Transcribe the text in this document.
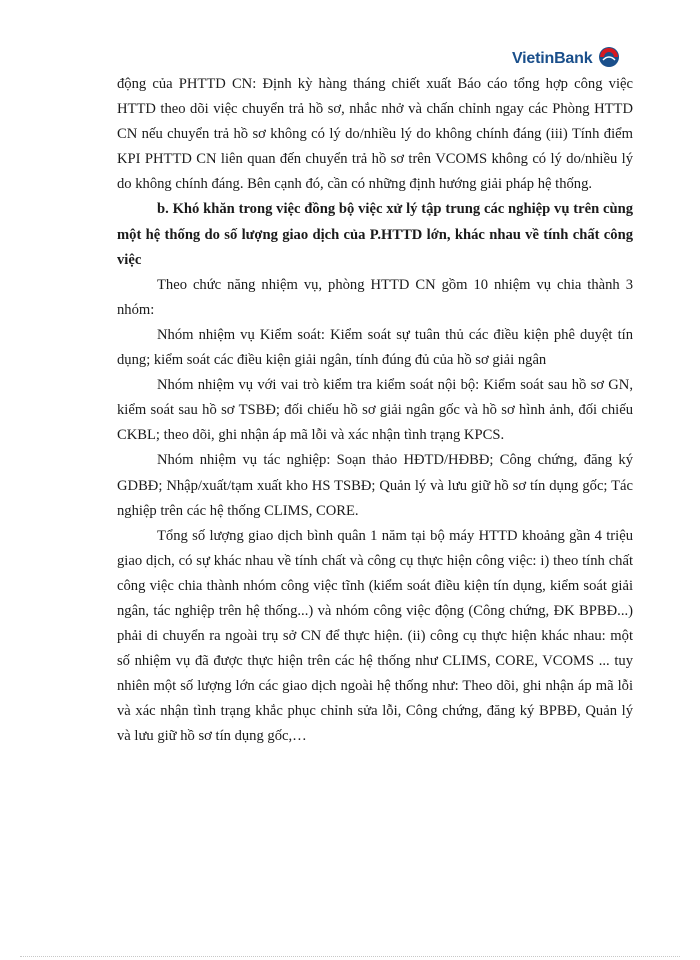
VietinBank

động của PHTTD CN: Định kỳ hàng tháng chiết xuất Báo cáo tổng hợp công việc HTTD theo dõi việc chuyển trả hồ sơ, nhắc nhở và chấn chỉnh ngay các Phòng HTTD CN nếu chuyển trả hồ sơ không có lý do/nhiều lý do không chính đáng (iii) Tính điểm KPI PHTTD CN liên quan đến chuyển trả hồ sơ trên VCOMS không có lý do/nhiều lý do không chính đáng. Bên cạnh đó, cần có những định hướng giải pháp hệ thống.

b. Khó khăn trong việc đồng bộ việc xử lý tập trung các nghiệp vụ trên cùng một hệ thống do số lượng giao dịch của P.HTTD lớn, khác nhau về tính chất công việc

Theo chức năng nhiệm vụ, phòng HTTD CN gồm 10 nhiệm vụ chia thành 3 nhóm:

Nhóm nhiệm vụ Kiểm soát: Kiểm soát sự tuân thủ các điều kiện phê duyệt tín dụng; kiểm soát các điều kiện giải ngân, tính đúng đủ của hồ sơ giải ngân

Nhóm nhiệm vụ với vai trò kiểm tra kiểm soát nội bộ: Kiểm soát sau hồ sơ GN, kiểm soát sau hồ sơ TSBĐ; đối chiếu hồ sơ giải ngân gốc và hồ sơ hình ảnh, đối chiếu CKBL; theo dõi, ghi nhận áp mã lỗi và xác nhận tình trạng KPCS.

Nhóm nhiệm vụ tác nghiệp: Soạn thảo HĐTD/HĐBĐ; Công chứng, đăng ký GDBĐ; Nhập/xuất/tạm xuất kho HS TSBĐ; Quản lý và lưu giữ hồ sơ tín dụng gốc; Tác nghiệp trên các hệ thống CLIMS, CORE.

Tổng số lượng giao dịch bình quân 1 năm tại bộ máy HTTD khoảng gần 4 triệu giao dịch, có sự khác nhau về tính chất và công cụ thực hiện công việc: i) theo tính chất công việc chia thành nhóm công việc tĩnh (kiểm soát điều kiện tín dụng, kiểm soát giải ngân, tác nghiệp trên hệ thống...) và nhóm công việc động (Công chứng, ĐK BPBĐ...) phải di chuyển ra ngoài trụ sở CN để thực hiện. (ii) công cụ thực hiện khác nhau: một số nhiệm vụ đã được thực hiện trên các hệ thống như CLIMS, CORE, VCOMS ... tuy nhiên một số lượng lớn các giao dịch ngoài hệ thống như: Theo dõi, ghi nhận áp mã lỗi và xác nhận tình trạng khắc phục chỉnh sửa lỗi, Công chứng, đăng ký BPBĐ, Quản lý và lưu giữ hồ sơ tín dụng gốc,…
